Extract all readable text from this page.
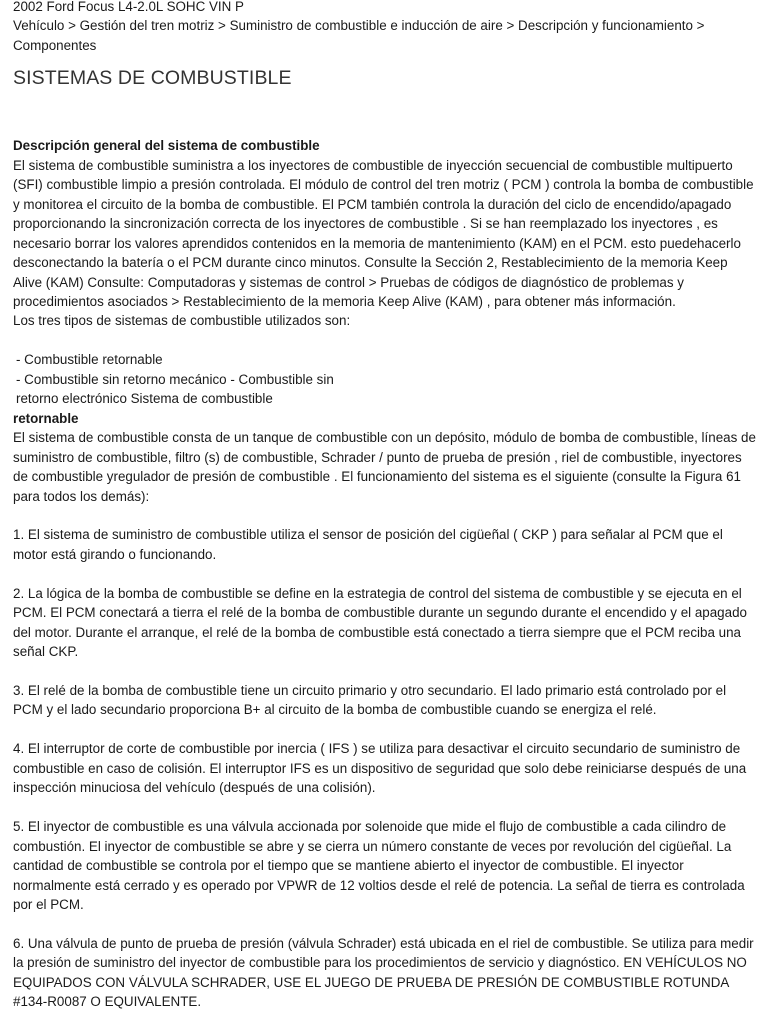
2002 Ford Focus L4-2.0L SOHC VIN P
Vehículo > Gestión del tren motriz > Suministro de combustible e inducción de aire > Descripción y funcionamiento > Componentes
SISTEMAS DE COMBUSTIBLE

Descripción general del sistema de combustible

El sistema de combustible suministra a los inyectores de combustible de inyección secuencial de combustible multipuerto (SFI) combustible limpio a presión controlada. El módulo de control del tren motriz ( PCM ) controla la bomba de combustible y monitorea el circuito de la bomba de combustible. El PCM también controla la duración del ciclo de encendido/apagado proporcionando la sincronización correcta de los inyectores de combustible . Si se han reemplazado los inyectores , es necesario borrar los valores aprendidos contenidos en la memoria de mantenimiento (KAM) en el PCM. esto puedehacerlo desconectando la batería o el PCM durante cinco minutos. Consulte la Sección 2, Restablecimiento de la memoria Keep Alive (KAM) Consulte: Computadoras y sistemas de control > Pruebas de códigos de diagnóstico de problemas y procedimientos asociados > Restablecimiento de la memoria Keep Alive (KAM) , para obtener más información.

Los tres tipos de sistemas de combustible utilizados son:

- Combustible retornable

- Combustible sin retorno mecánico - Combustible sin

retorno electrónico Sistema de combustible

retornable

El sistema de combustible consta de un tanque de combustible con un depósito, módulo de bomba de combustible, líneas de suministro de combustible, filtro (s) de combustible, Schrader / punto de prueba de presión , riel de combustible, inyectores de combustible yregulador de presión de combustible . El funcionamiento del sistema es el siguiente (consulte la Figura 61 para todos los demás):

1. El sistema de suministro de combustible utiliza el sensor de posición del cigüeñal ( CKP ) para señalar al PCM que el motor está girando o funcionando.

2. La lógica de la bomba de combustible se define en la estrategia de control del sistema de combustible y se ejecuta en el PCM. El PCM conectará a tierra el relé de la bomba de combustible durante un segundo durante el encendido y el apagado del motor. Durante el arranque, el relé de la bomba de combustible está conectado a tierra siempre que el PCM reciba una señal CKP.

3. El relé de la bomba de combustible tiene un circuito primario y otro secundario. El lado primario está controlado por el PCM y el lado secundario proporciona B+ al circuito de la bomba de combustible cuando se energiza el relé.

4. El interruptor de corte de combustible por inercia ( IFS ) se utiliza para desactivar el circuito secundario de suministro de combustible en caso de colisión. El interruptor IFS es un dispositivo de seguridad que solo debe reiniciarse después de una inspección minuciosa del vehículo (después de una colisión).

5. El inyector de combustible es una válvula accionada por solenoide que mide el flujo de combustible a cada cilindro de combustión. El inyector de combustible se abre y se cierra un número constante de veces por revolución del cigüeñal. La cantidad de combustible se controla por el tiempo que se mantiene abierto el inyector de combustible. El inyector normalmente está cerrado y es operado por VPWR de 12 voltios desde el relé de potencia. La señal de tierra es controlada por el PCM.

6. Una válvula de punto de prueba de presión (válvula Schrader) está ubicada en el riel de combustible. Se utiliza para medir la presión de suministro del inyector de combustible para los procedimientos de servicio y diagnóstico. EN VEHÍCULOS NO EQUIPADOS CON VÁLVULA SCHRADER, USE EL JUEGO DE PRUEBA DE PRESIÓN DE COMBUSTIBLE ROTUNDA #134-R0087 O EQUIVALENTE.
